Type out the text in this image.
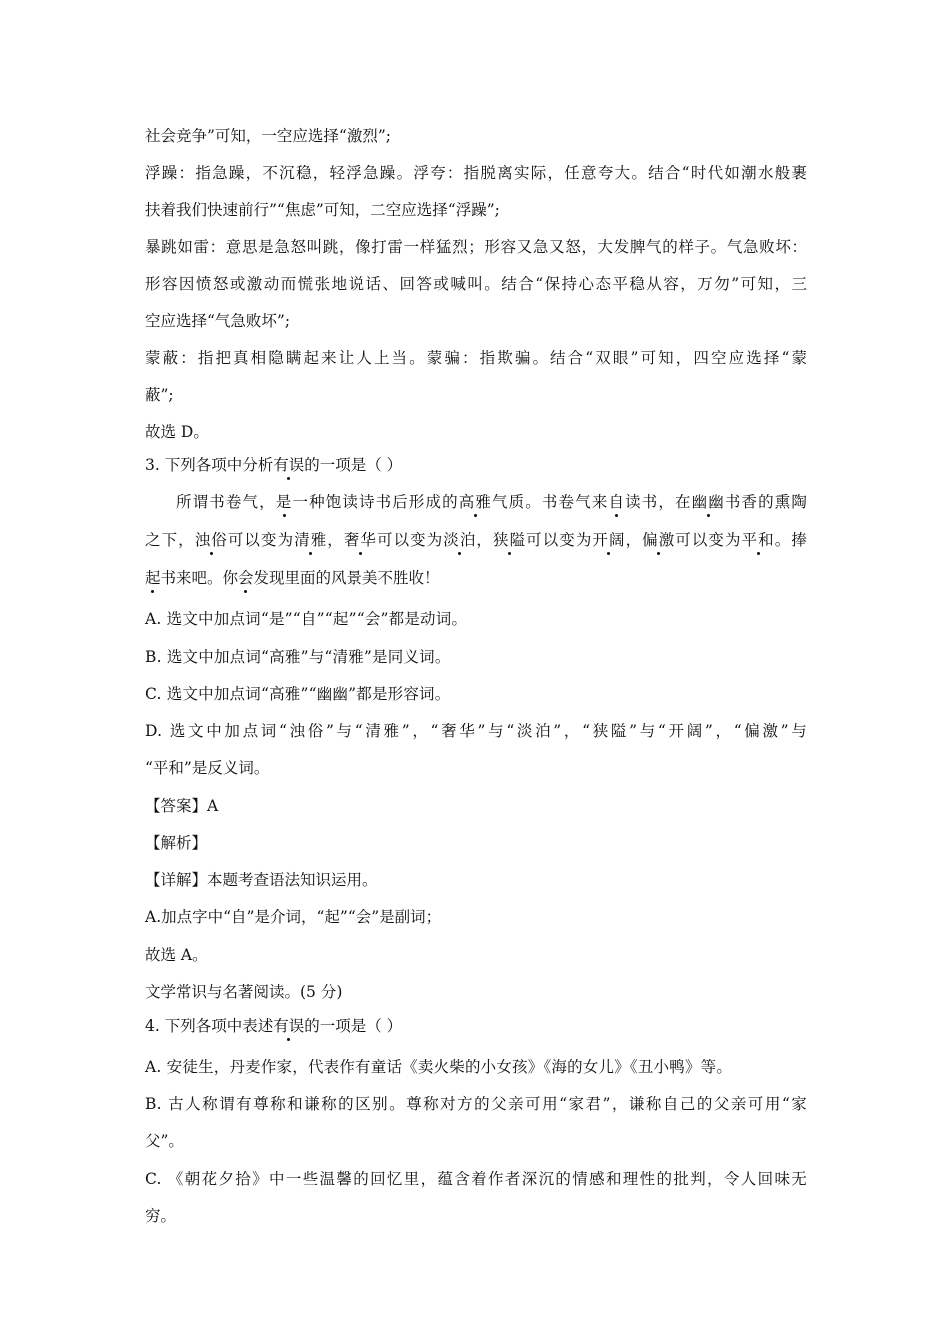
社会竞争”可知，一空应选择“激烈”;
浮躁：指急躁，不沉稳，轻浮急躁。浮夸：指脱离实际，任意夸大。结合“时代如潮水般裹
扶着我们快速前行”“焦虑”可知，二空应选择“浮躁”;
暴跳如雷：意思是急怒叫跳，像打雷一样猛烈；形容又急又怒，大发脾气的样子。气急败坏：
形容因愤怒或激动而慌张地说话、回答或喊叫。结合“保持心态平稳从容，万勿”可知，三
空应选择“气急败坏”;
蒙蔽：指把真相隐瞒起来让人上当。蒙骗：指欺骗。结合“双眼”可知，四空应选择“蒙
蔽”;
故选 D。
3. 下列各项中分析有误的一项是（ ）
所谓书卷气，是一种饱读诗书后形成的高雅气质。书卷气来自读书，在幽幽书香的熏陶
之下，浊俗可以变为清雅，奢华可以变为淡泊，狭隘可以变为开阔，偏激可以变为平和。捧
起书来吧。你会发现里面的风景美不胜收！
A. 选文中加点词“是”“自”“起”“会”都是动词。
B. 选文中加点词“高雅”与“清雅”是同义词。
C. 选文中加点词“高雅”“幽幽”都是形容词。
D. 选文中加点词“浊俗”与“清雅”，“奢华”与“淡泊”，“狭隘”与“开阔”，“偏激”与
“平和”是反义词。
【答案】A
【解析】
【详解】本题考查语法知识运用。
A.加点字中“自”是介词，“起”“会”是副词；
故选 A。
文学常识与名著阅读。(5 分)
4. 下列各项中表述有误的一项是（ ）
A. 安徒生，丹麦作家，代表作有童话《卖火柴的小女孩》《海的女儿》《丑小鸭》等。
B. 古人称谓有尊称和谦称的区别。尊称对方的父亲可用“家君”，谦称自己的父亲可用“家
父”。
C. 《朝花夕拾》中一些温馨的回忆里，蕴含着作者深沉的情感和理性的批判，令人回味无
穷。
